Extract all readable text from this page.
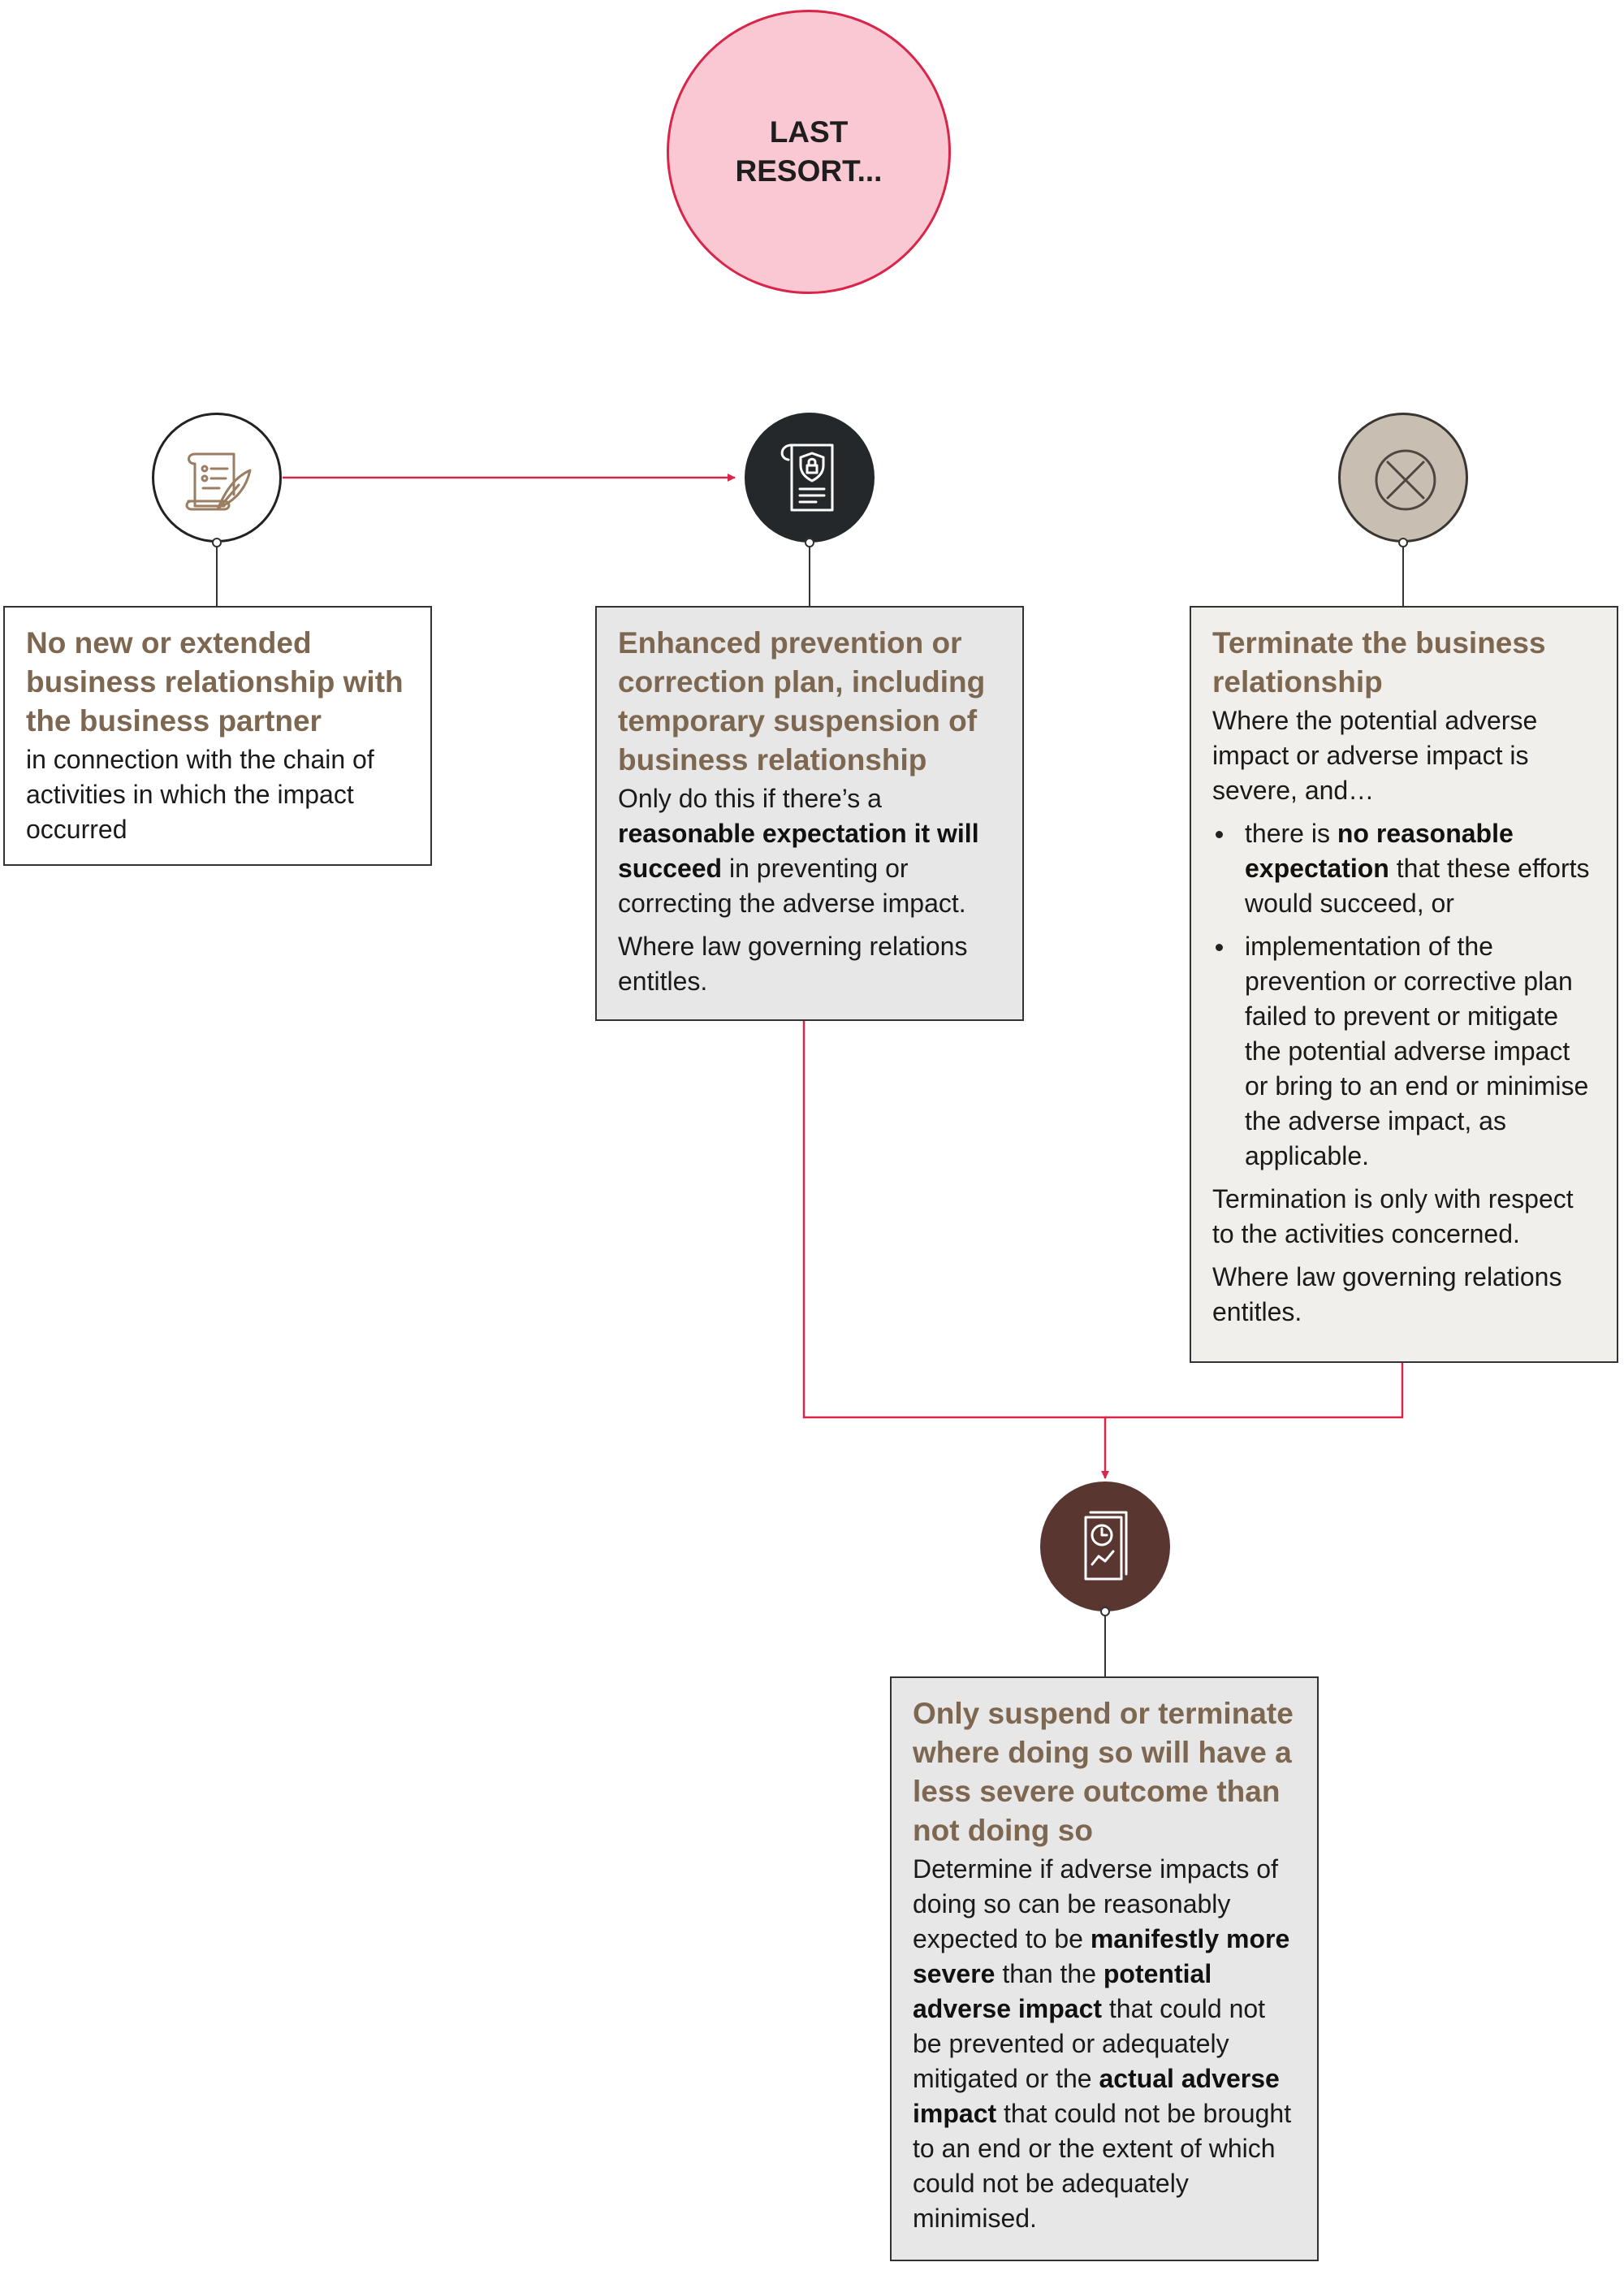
LAST
RESORT...
No new or extended business relationship with the business partner

in connection with the chain of activities in which the impact occurred

Enhanced prevention or correction plan, including temporary suspension of business relationship

Only do this if there’s a reasonable expectation it will succeed in preventing or correcting the adverse impact.

Where law governing relations entitles.

Terminate the business relationship

Where the potential adverse impact or adverse impact is severe, and…

there is no reasonable expectation that these efforts would succeed, or
implementation of the prevention or corrective plan failed to prevent or mitigate the potential adverse impact or bring to an end or minimise the adverse impact, as applicable.

Termination is only with respect to the activities concerned.

Where law governing relations entitles.

Only suspend or terminate where doing so will have a less severe outcome than not doing so

Determine if adverse impacts of doing so can be reasonably expected to be manifestly more severe than the potential adverse impact that could not be prevented or adequately mitigated or the actual adverse impact that could not be brought to an end or the extent of which could not be adequately minimised.
